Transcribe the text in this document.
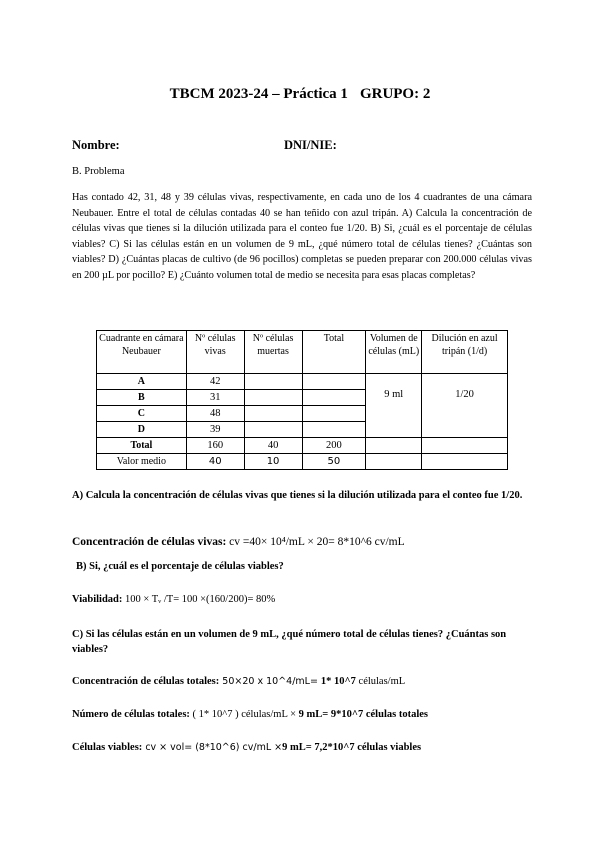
TBCM 2023-24 – Práctica 1 GRUPO: 2
Nombre:	DNI/NIE:
B. Problema
Has contado 42, 31, 48 y 39 células vivas, respectivamente, en cada uno de los 4 cuadrantes de una cámara Neubauer. Entre el total de células contadas 40 se han teñido con azul tripán. A) Calcula la concentración de células vivas que tienes si la dilución utilizada para el conteo fue 1/20. B) Si, ¿cuál es el porcentaje de células viables? C) Si las células están en un volumen de 9 mL, ¿qué número total de células tienes? ¿Cuántas son viables? D) ¿Cuántas placas de cultivo (de 96 pocillos) completas se pueden preparar con 200.000 células vivas en 200 µL por pocillo? E) ¿Cuánto volumen total de medio se necesita para esas placas completas?
Cuadrante en cámara Neubauer	Nº células vivas	Nº células muertas	Total	Volumen de células (mL)	Dilución en azul tripán (1/d)
A	42			9 ml	1/20
B	31				
C	48				
D	39				
Total	160	40	200		
Valor medio	40	10	50		
A) Calcula la concentración de células vivas que tienes si la dilución utilizada para el conteo fue 1/20.
Concentración de células vivas: cv =40× 10⁴/mL × 20= 8*10^6 cv/mL
B) Si, ¿cuál es el porcentaje de células viables?
Viabilidad: 100 × Tᵥ /T= 100 ×(160/200)= 80%
C) Si las células están en un volumen de 9 mL, ¿qué número total de células tienes? ¿Cuántas son viables?
Concentración de células totales: 50×20 x 10^4/mL= 1* 10^7 células/mL
Número de células totales: ( 1* 10^7 ) células/mL × 9 mL= 9*10^7 células totales
Células viables: cv × vol= (8*10^6) cv/mL ×9 mL= 7,2*10^7 células viables
